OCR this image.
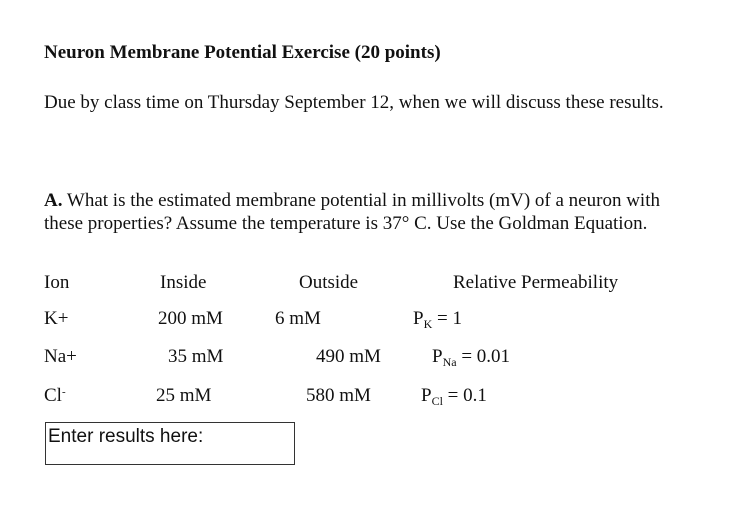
Neuron Membrane Potential Exercise (20 points)
Due by class time on Thursday September 12, when we will discuss these results.
A. What is the estimated membrane potential in millivolts (mV) of a neuron with these properties? Assume the temperature is 37° C. Use the Goldman Equation.
Ion	Inside	Outside	Relative Permeability
K+	200 mM	6 mM	$P_K = 1$
Na+	35 mM	490 mM	$P_{Na} = 0.01$
Cl-	25 mM	580 mM	$P_{Cl} = 0.1$
Enter results here:
